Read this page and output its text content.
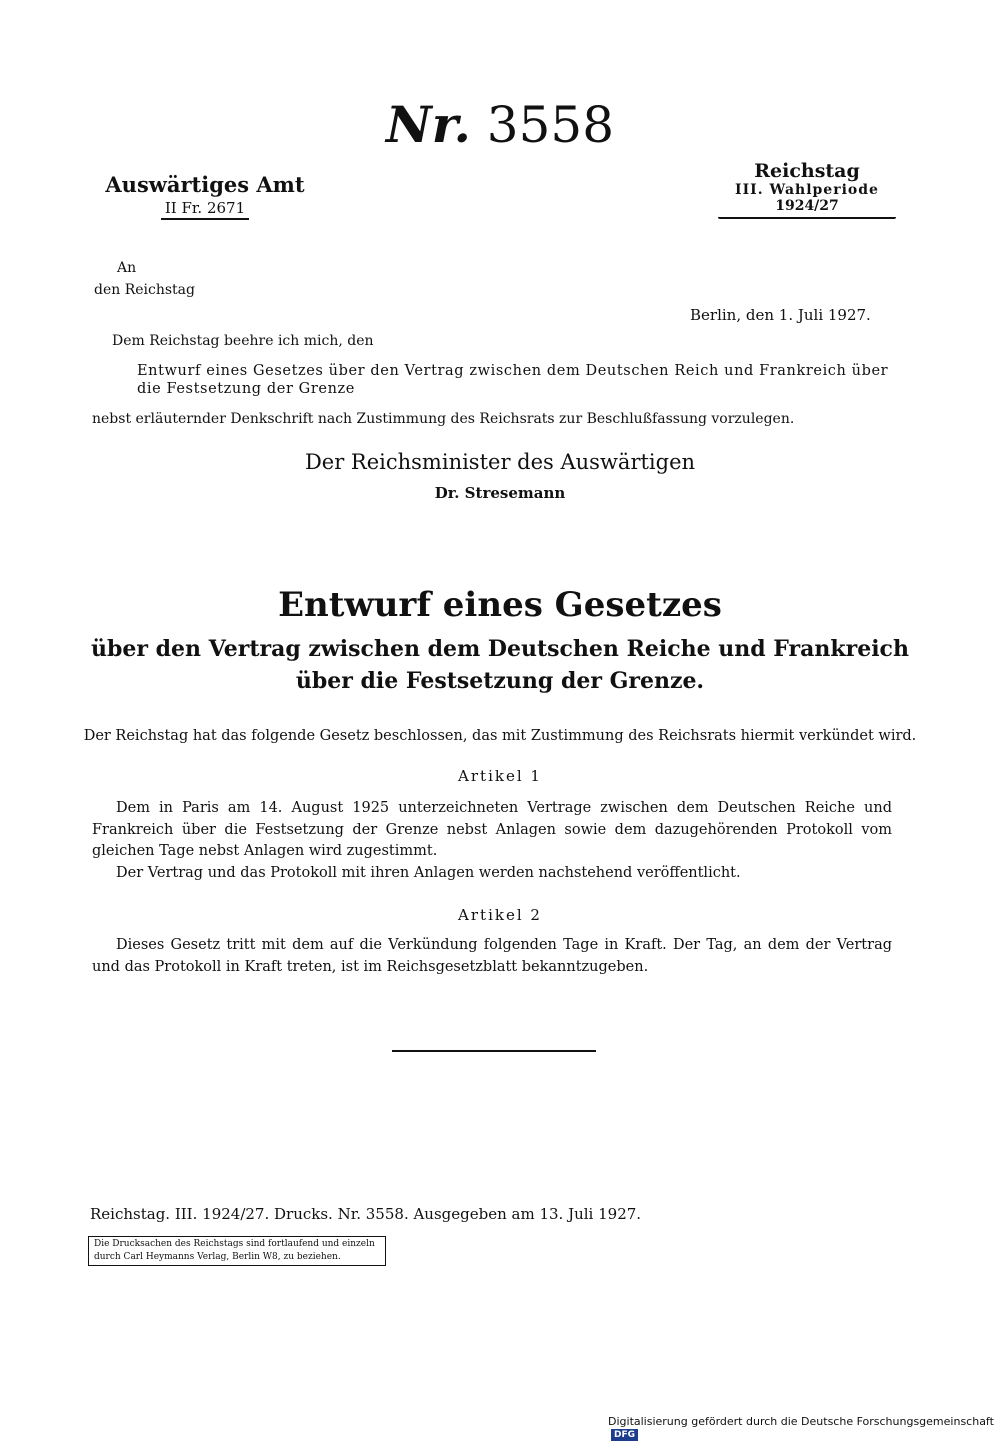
Nr. 3558
Auswärtiges Amt
II Fr. 2671
Reichstag
III. Wahlperiode
1924/27
An
den Reichstag
Berlin, den 1. Juli 1927.
Dem Reichstag beehre ich mich, den
Entwurf eines Gesetzes über den Vertrag zwischen dem Deutschen Reich und Frankreich über die Festsetzung der Grenze
nebst erläuternder Denkschrift nach Zustimmung des Reichsrats zur Beschlußfassung vorzulegen.
Der Reichsminister des Auswärtigen
Dr. Stresemann
Entwurf eines Gesetzes
über den Vertrag zwischen dem Deutschen Reiche und Frankreich über die Festsetzung der Grenze.
Der Reichstag hat das folgende Gesetz beschlossen, das mit Zustimmung des Reichsrats hiermit verkündet wird.
Artikel 1
Dem in Paris am 14. August 1925 unterzeichneten Vertrage zwischen dem Deutschen Reiche und Frankreich über die Festsetzung der Grenze nebst Anlagen sowie dem dazugehörenden Protokoll vom gleichen Tage nebst Anlagen wird zugestimmt.
Der Vertrag und das Protokoll mit ihren Anlagen werden nachstehend veröffentlicht.
Artikel 2
Dieses Gesetz tritt mit dem auf die Verkündung folgenden Tage in Kraft. Der Tag, an dem der Vertrag und das Protokoll in Kraft treten, ist im Reichsgesetzblatt bekanntzugeben.
Reichstag. III. 1924/27. Drucks. Nr. 3558. Ausgegeben am 13. Juli 1927.
Die Drucksachen des Reichstags sind fortlaufend und einzeln durch Carl Heymanns Verlag, Berlin W8, zu beziehen.
Digitalisierung gefördert durch die Deutsche Forschungsgemeinschaft DFG
